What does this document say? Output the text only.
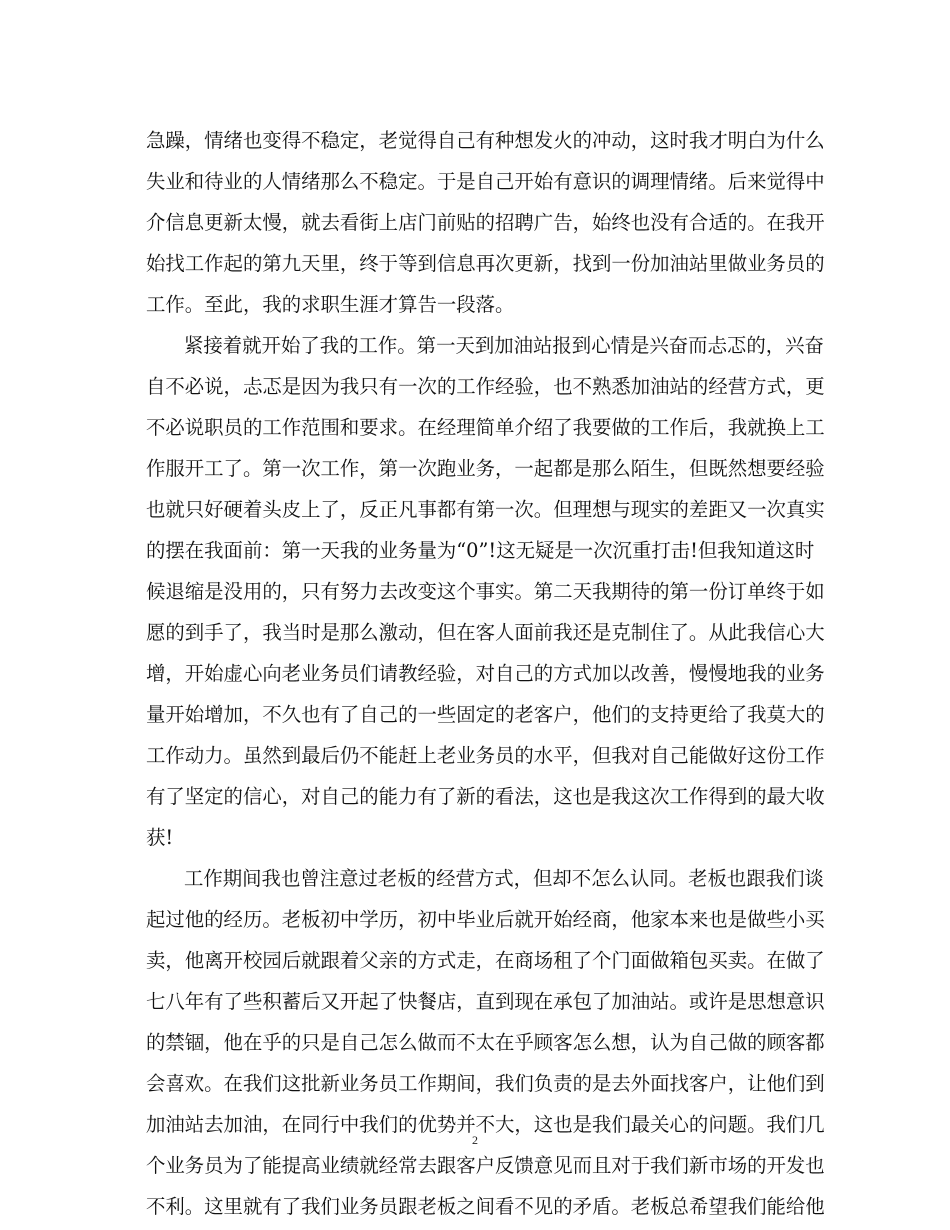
急躁，情绪也变得不稳定，老觉得自己有种想发火的冲动，这时我才明白为什么
失业和待业的人情绪那么不稳定。于是自己开始有意识的调理情绪。后来觉得中
介信息更新太慢，就去看街上店门前贴的招聘广告，始终也没有合适的。在我开
始找工作起的第九天里，终于等到信息再次更新，找到一份加油站里做业务员的
工作。至此，我的求职生涯才算告一段落。
紧接着就开始了我的工作。第一天到加油站报到心情是兴奋而忐忑的，兴奋
自不必说，忐忑是因为我只有一次的工作经验，也不熟悉加油站的经营方式，更
不必说职员的工作范围和要求。在经理简单介绍了我要做的工作后，我就换上工
作服开工了。第一次工作，第一次跑业务，一起都是那么陌生，但既然想要经验
也就只好硬着头皮上了，反正凡事都有第一次。但理想与现实的差距又一次真实
的摆在我面前：第一天我的业务量为“0”!这无疑是一次沉重打击!但我知道这时
候退缩是没用的，只有努力去改变这个事实。第二天我期待的第一份订单终于如
愿的到手了，我当时是那么激动，但在客人面前我还是克制住了。从此我信心大
增，开始虚心向老业务员们请教经验，对自己的方式加以改善，慢慢地我的业务
量开始增加，不久也有了自己的一些固定的老客户，他们的支持更给了我莫大的
工作动力。虽然到最后仍不能赶上老业务员的水平，但我对自己能做好这份工作
有了坚定的信心，对自己的能力有了新的看法，这也是我这次工作得到的最大收
获!
工作期间我也曾注意过老板的经营方式，但却不怎么认同。老板也跟我们谈
起过他的经历。老板初中学历，初中毕业后就开始经商，他家本来也是做些小买
卖，他离开校园后就跟着父亲的方式走，在商场租了个门面做箱包买卖。在做了
七八年有了些积蓄后又开起了快餐店，直到现在承包了加油站。或许是思想意识
的禁锢，他在乎的只是自己怎么做而不太在乎顾客怎么想，认为自己做的顾客都
会喜欢。在我们这批新业务员工作期间，我们负责的是去外面找客户，让他们到
加油站去加油，在同行中我们的优势并不大，这也是我们最关心的问题。我们几
个业务员为了能提高业绩就经常去跟客户反馈意见而且对于我们新市场的开发也
不利。这里就有了我们业务员跟老板之间看不见的矛盾。老板总希望我们能给他
2
